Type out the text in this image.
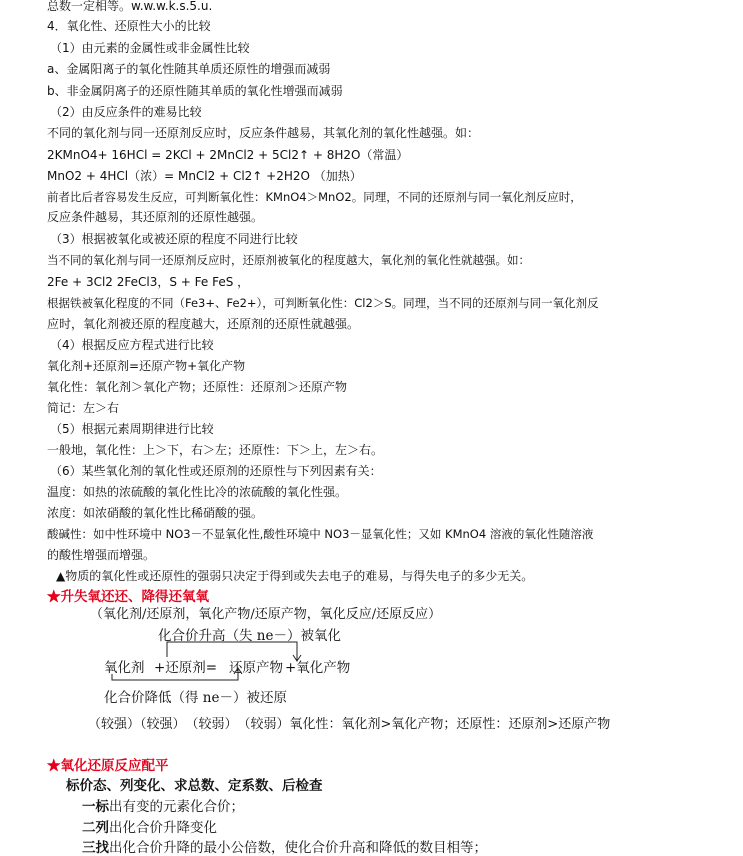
总数一定相等。w.w.w.k.s.5.u.
4．氧化性、还原性大小的比较
（1）由元素的金属性或非金属性比较
a、金属阳离子的氧化性随其单质还原性的增强而减弱
b、非金属阴离子的还原性随其单质的氧化性增强而减弱
（2）由反应条件的难易比较
不同的氧化剂与同一还原剂反应时，反应条件越易，其氧化剂的氧化性越强。如：
2KMnO4+ 16HCl = 2KCl + 2MnCl2 + 5Cl2↑ + 8H2O（常温）
MnO2 + 4HCl（浓）= MnCl2 + Cl2↑ +2H2O （加热）
前者比后者容易发生反应，可判断氧化性：KMnO4＞MnO2。同理，不同的还原剂与同一氧化剂反应时，
反应条件越易，其还原剂的还原性越强。
（3）根据被氧化或被还原的程度不同进行比较
当不同的氧化剂与同一还原剂反应时，还原剂被氧化的程度越大，氧化剂的氧化性就越强。如：
2Fe + 3Cl2 2FeCl3，S + Fe FeS ，
根据铁被氧化程度的不同（Fe3+、Fe2+），可判断氧化性：Cl2＞S。同理，当不同的还原剂与同一氧化剂反
应时，氧化剂被还原的程度越大，还原剂的还原性就越强。
（4）根据反应方程式进行比较
氧化剂+还原剂=还原产物+氧化产物
氧化性：氧化剂＞氧化产物；还原性：还原剂＞还原产物
简记：左＞右
（5）根据元素周期律进行比较
一般地，氧化性：上＞下，右＞左；还原性：下＞上，左＞右。
（6）某些氧化剂的氧化性或还原剂的还原性与下列因素有关：
温度：如热的浓硫酸的氧化性比冷的浓硫酸的氧化性强。
浓度：如浓硝酸的氧化性比稀硝酸的强。
酸碱性：如中性环境中 NO3－不显氧化性,酸性环境中 NO3－显氧化性；又如 KMnO4 溶液的氧化性随溶液
的酸性增强而增强。
▲物质的氧化性或还原性的强弱只决定于得到或失去电子的难易，与得失电子的多少无关。
★升失氧还还、降得还氧氧
（氧化剂/还原剂，氧化产物/还原产物，氧化反应/还原反应）
化合价升高（失 ne－）被氧化
氧化剂 +还原剂= 还原产物 +氧化产物
化合价降低（得 ne－）被还原
（较强）（较强）　（较弱）　（较弱）氧化性：氧化剂>氧化产物；还原性：还原剂>还原产物
★氧化还原反应配平
标价态、列变化、求总数、定系数、后检查
一标出有变的元素化合价；
二列出化合价升降变化
三找出化合价升降的最小公倍数，使化合价升高和降低的数目相等；
